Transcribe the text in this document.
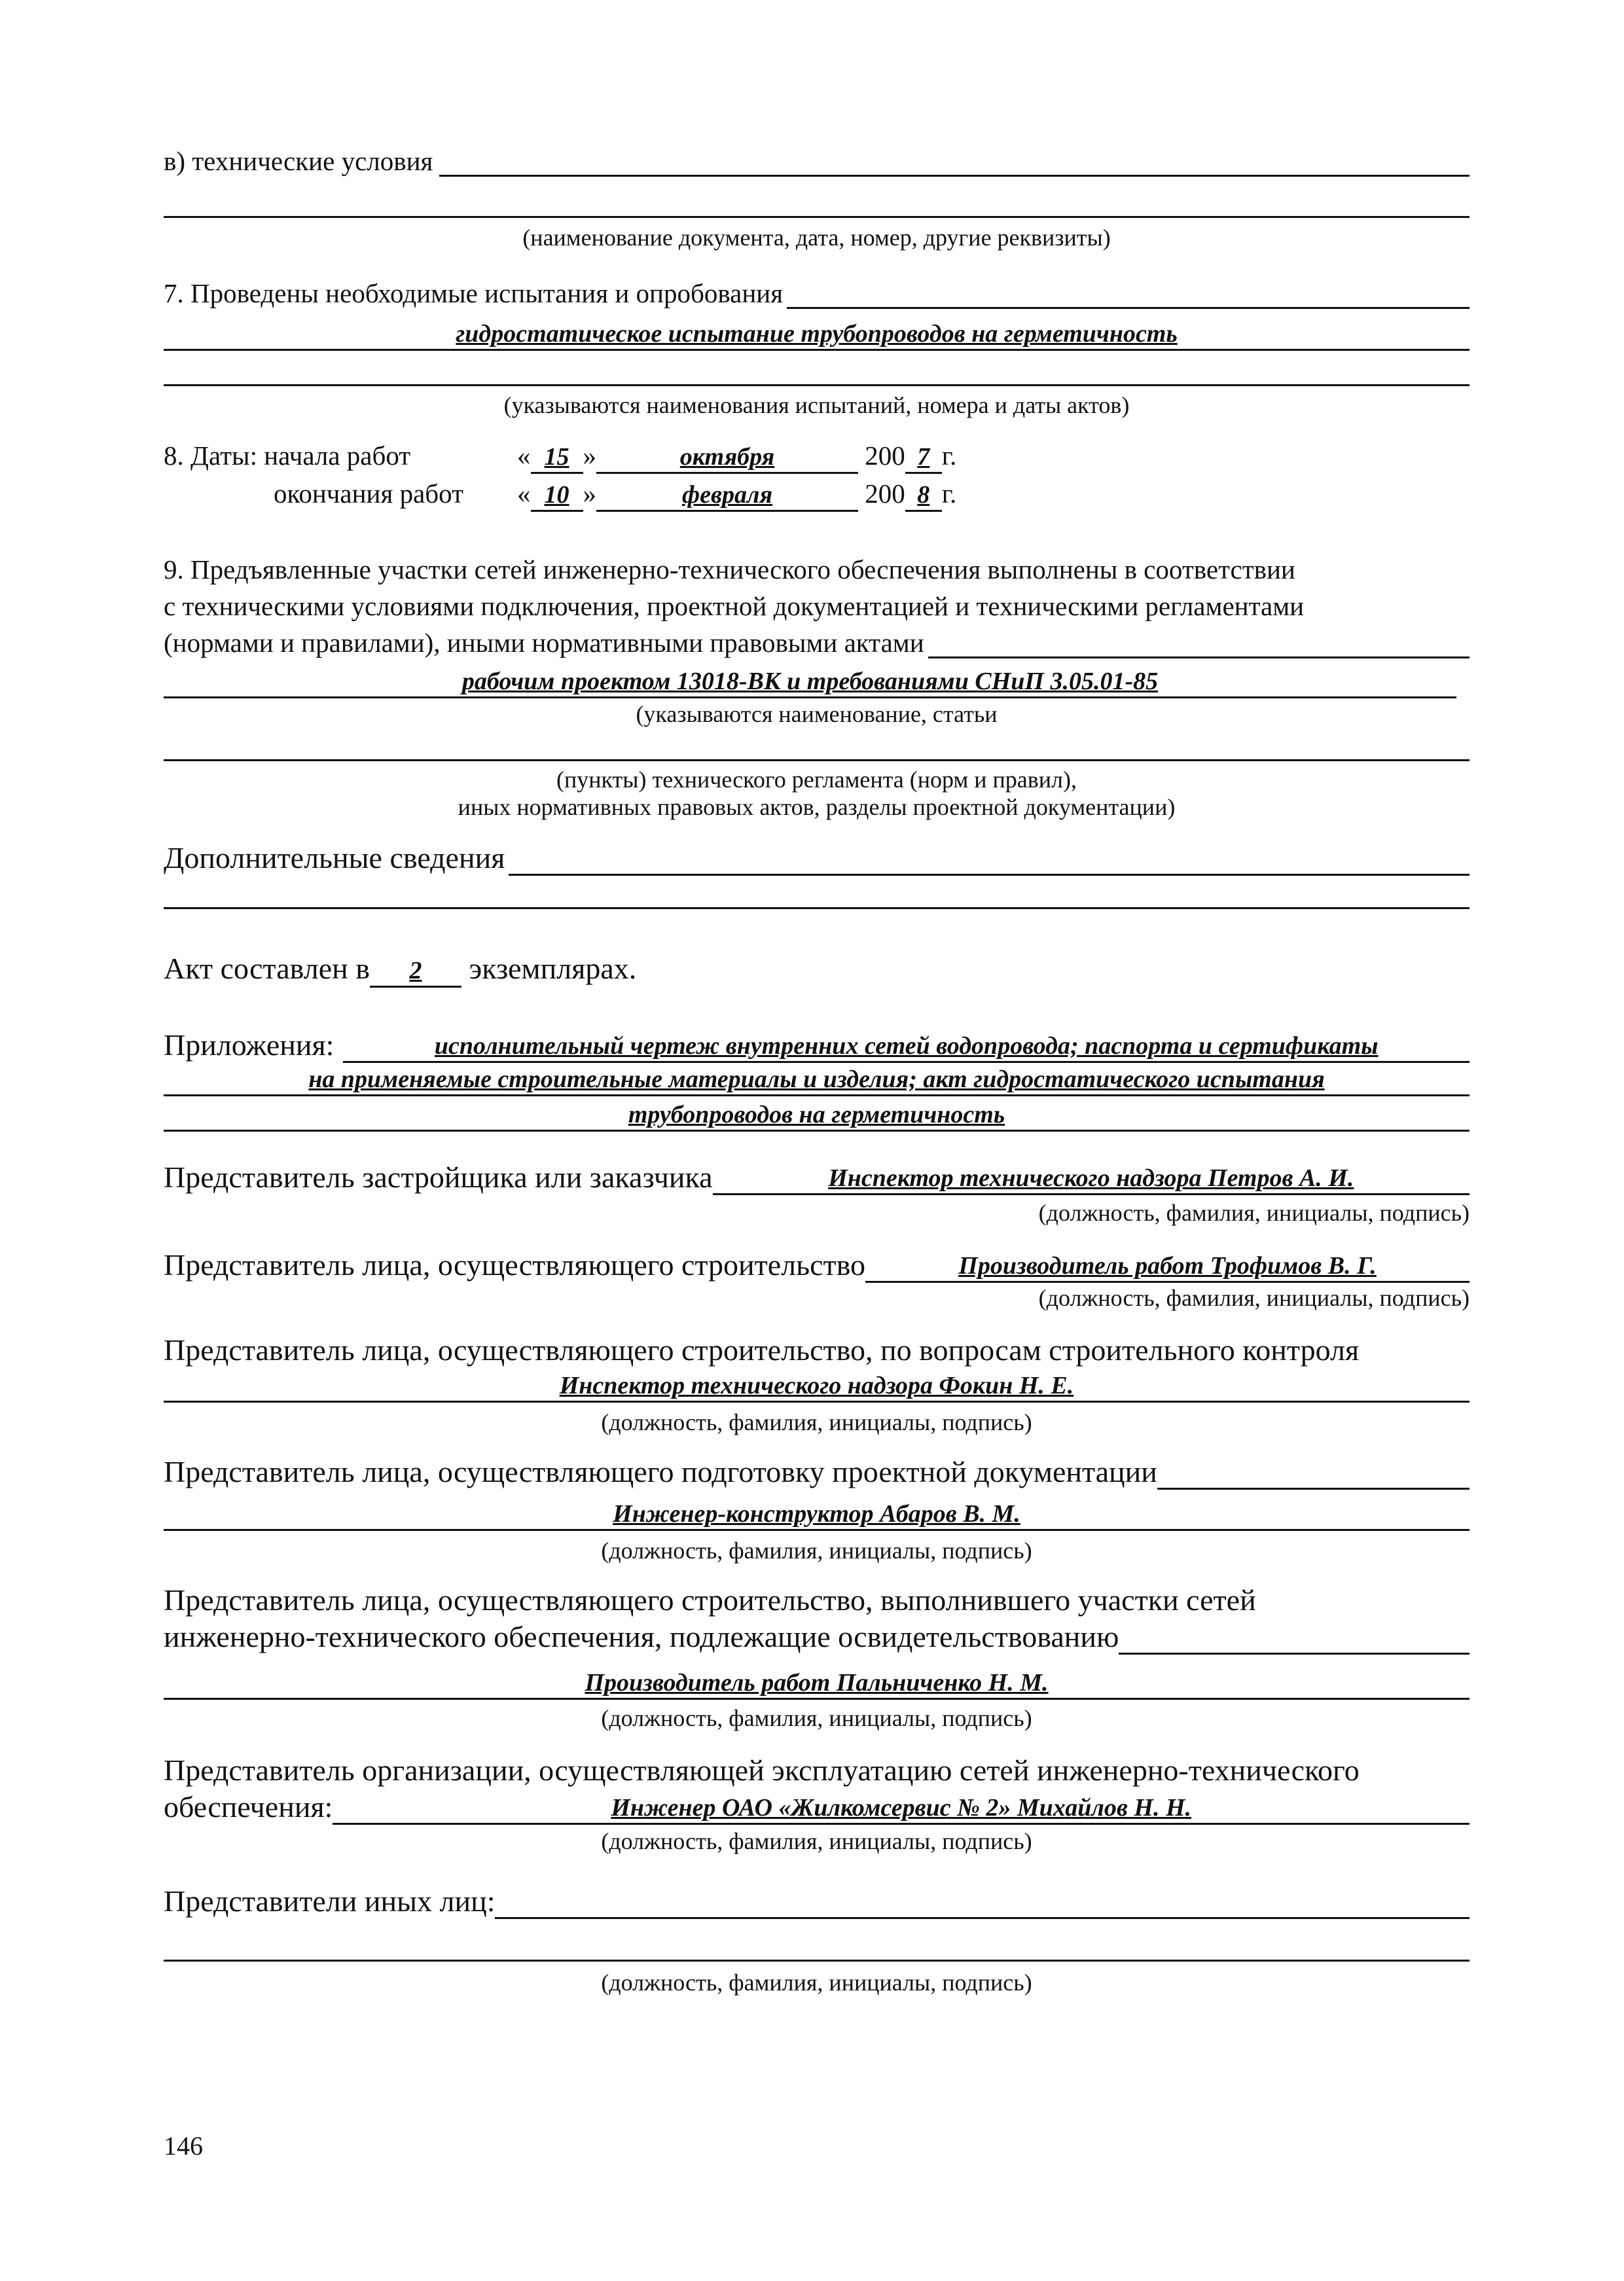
в) технические условия
(наименование документа, дата, номер, другие реквизиты)
7. Проведены необходимые испытания и опробования
гидростатическое испытание трубопроводов на герметичность
(указываются наименования испытаний, номера и даты актов)
8. Даты: начала работ	« 15 »	октября	200 7 г.
окончания работ « 10 »	февраля	200 8 г.
9. Предъявленные участки сетей инженерно-технического обеспечения выполнены в соответствии
с техническими условиями подключения, проектной документацией и техническими регламентами
(нормами и правилами), иными нормативными правовыми актами
рабочим проектом 13018-ВК и требованиями СНиП 3.05.01-85
(указываются наименование, статьи
(пункты) технического регламента (норм и правил),
иных нормативных правовых актов, разделы проектной документации)
Дополнительные сведения
Акт составлен в 2 экземплярах.
Приложения:	исполнительный чертеж внутренних сетей водопровода; паспорта и сертификаты
на применяемые строительные материалы и изделия; акт гидростатического испытания
трубопроводов на герметичность
Представитель застройщика или заказчика	Инспектор технического надзора Петров А. И.
(должность, фамилия, инициалы, подпись)
Представитель лица, осуществляющего строительство	Производитель работ Трофимов В. Г.
(должность, фамилия, инициалы, подпись)
Представитель лица, осуществляющего строительство, по вопросам строительного контроля
Инспектор технического надзора Фокин Н. Е.
(должность, фамилия, инициалы, подпись)
Представитель лица, осуществляющего подготовку проектной документации
Инженер-конструктор Абаров В. М.
(должность, фамилия, инициалы, подпись)
Представитель лица, осуществляющего строительство, выполнившего участки сетей
инженерно-технического обеспечения, подлежащие освидетельствованию
Производитель работ Пальниченко Н. М.
(должность, фамилия, инициалы, подпись)
Представитель организации, осуществляющей эксплуатацию сетей инженерно-технического
обеспечения:	Инженер ОАО «Жилкомсервис № 2» Михайлов Н. Н.
(должность, фамилия, инициалы, подпись)
Представители иных лиц:
(должность, фамилия, инициалы, подпись)
146
